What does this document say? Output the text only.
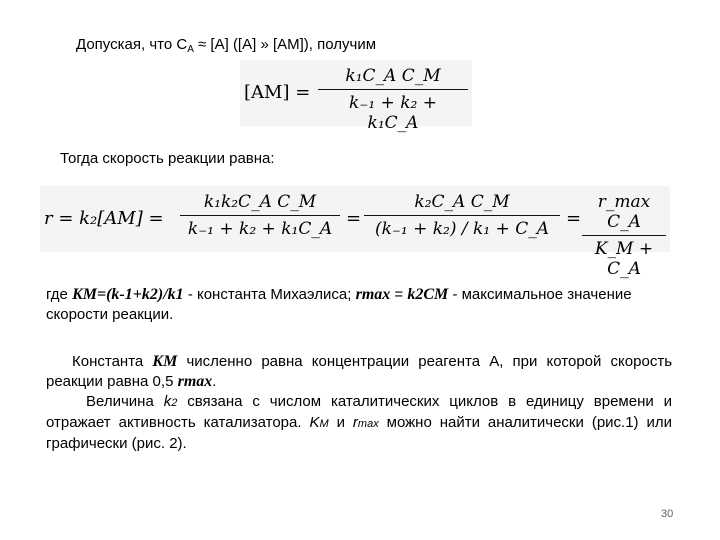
Допуская, что $C_A \approx [A]$ ([A] » [AM]), получим
[AM] =
k₁C_A C_M
k₋₁ + k₂ + k₁C_A
Тогда скорость реакции равна:
r = k₂[AM] =
k₁k₂C_A C_M
k₋₁ + k₂ + k₁C_A =
k₂C_A C_M
(k₋₁ + k₂) / k₁ + C_A =
r_max C_A
K_M + C_A
где KM=(k-1+k2)/k1 - константа Михаэлиса; rmax = k2CM - максимальное значение скорости реакции.
Константа KM численно равна концентрации реагента А, при которой скорость реакции равна 0,5 rmax.
Величина k2 связана с числом каталитических циклов в единицу времени и отражает активность катализатора. KM и rmax можно найти аналитически (рис.1) или графически (рис. 2).
30
